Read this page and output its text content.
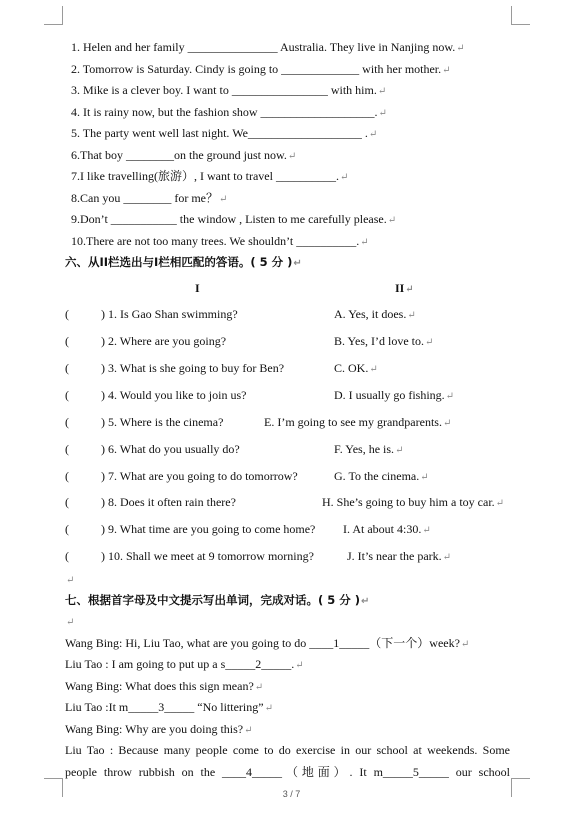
1. Helen and her family _______________ Australia. They live in Nanjing now.↵
2. Tomorrow is Saturday. Cindy is going to _____________ with her mother.↵
3. Mike is a clever boy. I want to ________________ with him.↵
4. It is rainy now, but the fashion show ___________________.↵
5. The party went well last night. We___________________ .↵
6.That boy ________on the ground just now.↵
7.I like travelling(旅游）, I want to travel __________.↵
8.Can you ________ for me？↵
9.Don’t ___________ the window , Listen to me carefully please.↵
10.There are not too many trees. We shouldn’t __________.↵
六、从II栏选出与I栏相匹配的答语。( 5 分 )↵
I	II↵
(	) 1. Is Gao Shan swimming?	A. Yes, it does.↵
(	) 2. Where are you going?	B. Yes, I’d love to.↵
(	) 3. What is she going to buy for Ben?	C. OK.↵
(	) 4. Would you like to join us?	D. I usually go fishing.↵
(	) 5. Where is the cinema?	E. I’m going to see my grandparents.↵
(	) 6. What do you usually do?	F. Yes, he is.↵
(	) 7. What are you going to do tomorrow?	G. To the cinema.↵
(	) 8. Does it often rain there?	H. She’s going to buy him a toy car.↵
(	) 9. What time are you going to come home? I. At about 4:30.↵
(	) 10. Shall we meet at 9 tomorrow morning?	J. It’s near the park.↵
↵
七、根据首字母及中文提示写出单词，完成对话。( 5 分 )↵
↵
Wang Bing: Hi, Liu Tao, what are you going to do ____1_____（下一个）week?↵
Liu Tao : I am going to put up a s_____2_____.↵
Wang Bing: What does this sign mean?↵
Liu Tao :It m_____3_____ “No littering”↵
Wang Bing: Why are you doing this?↵
Liu Tao : Because many people come to do exercise in our school at weekends. Some
people throw rubbish on the ____4_____（地面）. It m_____5_____ our school
3 / 7
